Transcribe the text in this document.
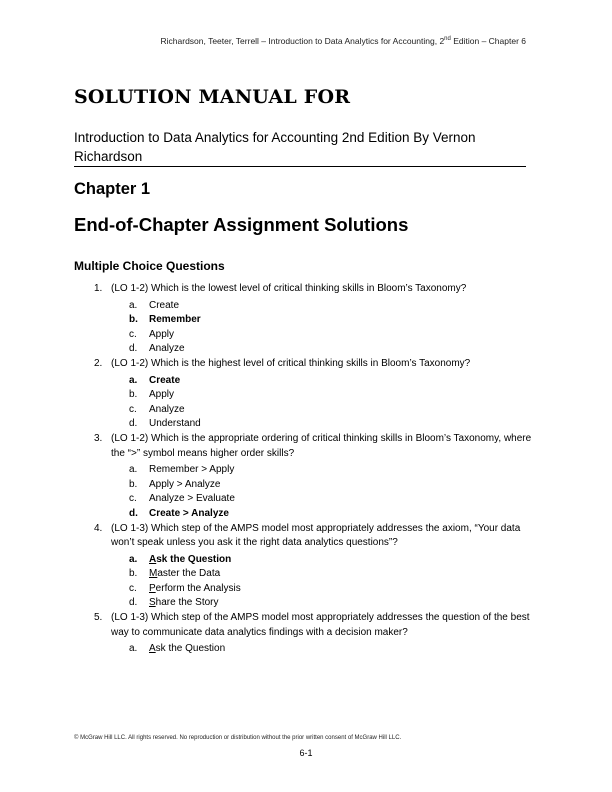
Richardson, Teeter, Terrell – Introduction to Data Analytics for Accounting, 2nd Edition – Chapter 6
SOLUTION MANUAL FOR
Introduction to Data Analytics for Accounting 2nd Edition By Vernon Richardson
Chapter 1
End-of-Chapter Assignment Solutions
Multiple Choice Questions
1. (LO 1-2) Which is the lowest level of critical thinking skills in Bloom’s Taxonomy?
a. Create
b. Remember
c. Apply
d. Analyze
2. (LO 1-2) Which is the highest level of critical thinking skills in Bloom’s Taxonomy?
a. Create
b. Apply
c. Analyze
d. Understand
3. (LO 1-2) Which is the appropriate ordering of critical thinking skills in Bloom’s Taxonomy, where the “>” symbol means higher order skills?
a. Remember > Apply
b. Apply > Analyze
c. Analyze > Evaluate
d. Create > Analyze
4. (LO 1-3) Which step of the AMPS model most appropriately addresses the axiom, “Your data won’t speak unless you ask it the right data analytics questions”?
a. Ask the Question
b. Master the Data
c. Perform the Analysis
d. Share the Story
5. (LO 1-3) Which step of the AMPS model most appropriately addresses the question of the best way to communicate data analytics findings with a decision maker?
a. Ask the Question
© McGraw Hill LLC. All rights reserved. No reproduction or distribution without the prior written consent of McGraw Hill LLC.
6-1
